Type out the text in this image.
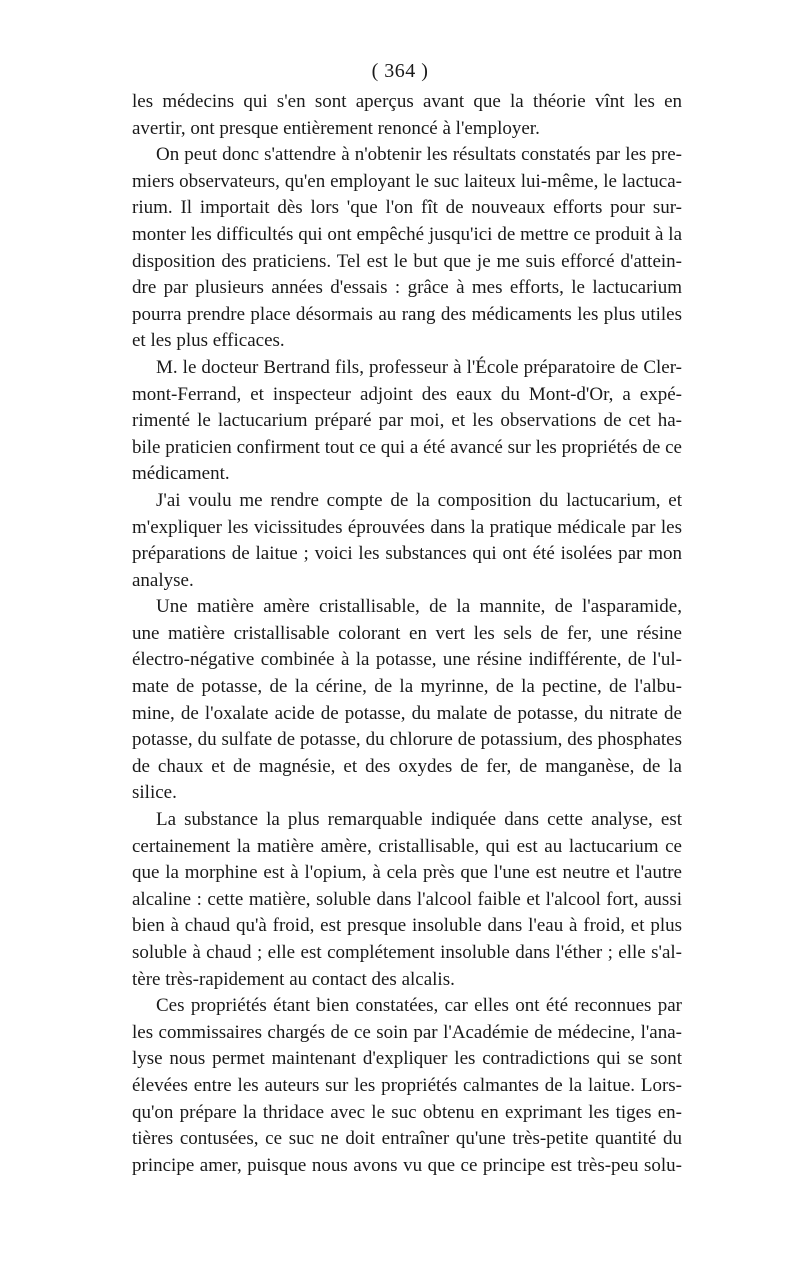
( 364 )
les médecins qui s'en sont aperçus avant que la théorie vînt les en
avertir, ont presque entièrement renoncé à l'employer.
On peut donc s'attendre à n'obtenir les résultats constatés par les pre-
miers observateurs, qu'en employant le suc laiteux lui-même, le lactuca-
rium. Il importait dès lors 'que l'on fît de nouveaux efforts pour sur-
monter les difficultés qui ont empêché jusqu'ici de mettre ce produit à la
disposition des praticiens. Tel est le but que je me suis efforcé d'attein-
dre par plusieurs années d'essais : grâce à mes efforts, le lactucarium
pourra prendre place désormais au rang des médicaments les plus utiles
et les plus efficaces.
M. le docteur Bertrand fils, professeur à l'École préparatoire de Cler-
mont-Ferrand, et inspecteur adjoint des eaux du Mont-d'Or, a expé-
rimenté le lactucarium préparé par moi, et les observations de cet ha-
bile praticien confirment tout ce qui a été avancé sur les propriétés de ce
médicament.
J'ai voulu me rendre compte de la composition du lactucarium, et
m'expliquer les vicissitudes éprouvées dans la pratique médicale par les
préparations de laitue ; voici les substances qui ont été isolées par mon
analyse.
Une matière amère cristallisable, de la mannite, de l'asparamide,
une matière cristallisable colorant en vert les sels de fer, une résine
électro-négative combinée à la potasse, une résine indifférente, de l'ul-
mate de potasse, de la cérine, de la myrinne, de la pectine, de l'albu-
mine, de l'oxalate acide de potasse, du malate de potasse, du nitrate de
potasse, du sulfate de potasse, du chlorure de potassium, des phosphates
de chaux et de magnésie, et des oxydes de fer, de manganèse, de la
silice.
La substance la plus remarquable indiquée dans cette analyse, est
certainement la matière amère, cristallisable, qui est au lactucarium ce
que la morphine est à l'opium, à cela près que l'une est neutre et l'autre
alcaline : cette matière, soluble dans l'alcool faible et l'alcool fort, aussi
bien à chaud qu'à froid, est presque insoluble dans l'eau à froid, et plus
soluble à chaud ; elle est complétement insoluble dans l'éther ; elle s'al-
tère très-rapidement au contact des alcalis.
Ces propriétés étant bien constatées, car elles ont été reconnues par
les commissaires chargés de ce soin par l'Académie de médecine, l'ana-
lyse nous permet maintenant d'expliquer les contradictions qui se sont
élevées entre les auteurs sur les propriétés calmantes de la laitue. Lors-
qu'on prépare la thridace avec le suc obtenu en exprimant les tiges en-
tières contusées, ce suc ne doit entraîner qu'une très-petite quantité du
principe amer, puisque nous avons vu que ce principe est très-peu solu-
